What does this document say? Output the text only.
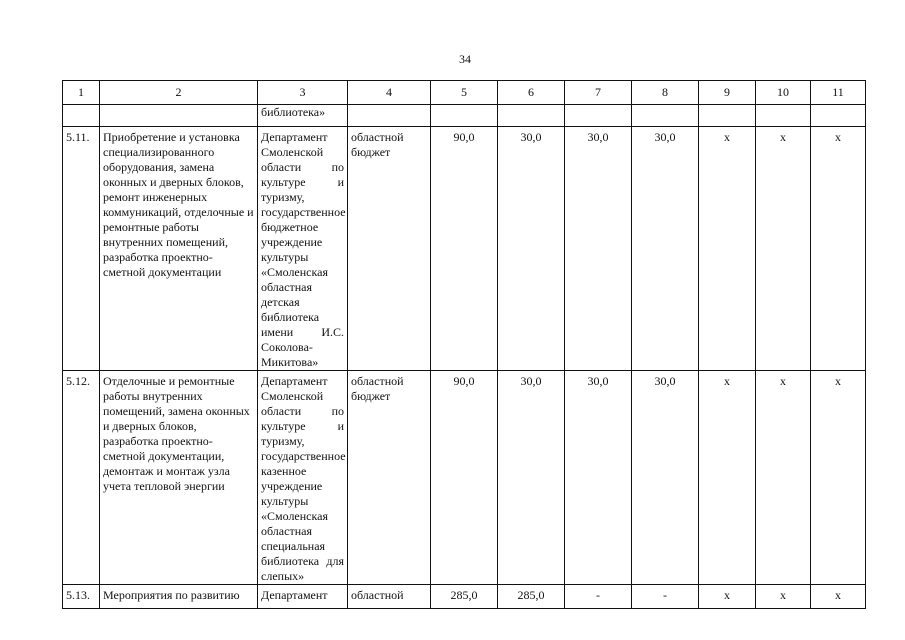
34
1	2	3	4	5	6	7	8	9	10	11
		библиотека»								
5.11.	Приобретение и установка специализированного оборудования, замена оконных и дверных блоков, ремонт инженерных коммуникаций, отделочные и ремонтные работы внутренних помещений, разработка проектно-сметной документации	Департамент Смоленской области по культуре и туризму, государственное бюджетное учреждение культуры «Смоленская областная детская библиотека имени И.С. Соколова-Микитова»	областной бюджет	90,0	30,0	30,0	30,0	x	x	x
5.12.	Отделочные и ремонтные работы внутренних помещений, замена оконных и дверных блоков, разработка проектно-сметной документации, демонтаж и монтаж узла учета тепловой энергии	Департамент Смоленской области по культуре и туризму, государственное казенное учреждение культуры «Смоленская областная специальная библиотека для слепых»	областной бюджет	90,0	30,0	30,0	30,0	x	x	x
5.13.	Мероприятия по развитию	Департамент	областной	285,0	285,0	-	-	x	x	x
